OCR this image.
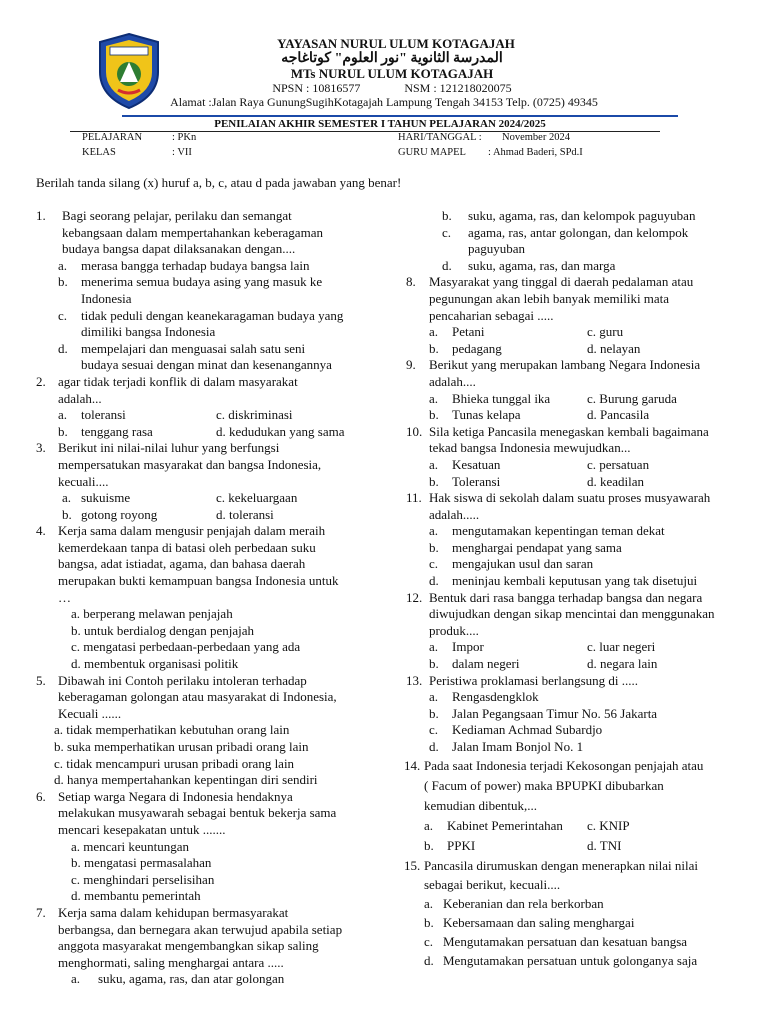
YAYASAN NURUL ULUM KOTAGAJAH
المدرسة الثانوية "نور العلوم" كوتاغاجه
MTs NURUL ULUM KOTAGAJAH
NPSN : 10816577	NSM : 121218020075
Alamat :Jalan Raya GunungSugihKotagajah Lampung Tengah 34153 Telp. (0725) 49345
PENILAIAN AKHIR SEMESTER I TAHUN PELAJARAN 2024/2025
PELAJARAN	: PKn
KELAS	: VII
HARI/TANGGAL : November 2024
GURU MAPEL : Ahmad Baderi, SPd.I
Berilah tanda silang (x) huruf a, b, c, atau d pada jawaban yang benar!
1. Bagi seorang pelajar, perilaku dan semangat
kebangsaan dalam mempertahankan keberagaman
budaya bangsa dapat dilaksanakan dengan....
a. merasa bangga terhadap budaya bangsa lain
b. menerima semua budaya asing yang masuk ke
Indonesia
c. tidak peduli dengan keanekaragaman budaya yang
dimiliki bangsa Indonesia
d. mempelajari dan menguasai salah satu seni
budaya sesuai dengan minat dan kesenangannya
2. agar tidak terjadi konflik di dalam masyarakat
adalah...
a. toleransi	c. diskriminasi

b. tenggang rasa	d. kedudukan yang sama

3. Berikut ini nilai-nilai luhur yang berfungsi
mempersatukan masyarakat dan bangsa Indonesia,
kecuali....
a. sukuisme	c. kekeluargaan

b. gotong royong	d. toleransi

4. Kerja sama dalam mengusir penjajah dalam meraih
kemerdekaan tanpa di batasi oleh perbedaan suku
bangsa, adat istiadat, agama, dan bahasa daerah
merupakan bukti kemampuan bangsa Indonesia untuk
…
a. berperang melawan penjajah
b. untuk berdialog dengan penjajah
c. mengatasi perbedaan-perbedaan yang ada
d. membentuk organisasi politik
5. Dibawah ini Contoh perilaku intoleran terhadap
keberagaman golongan atau masyarakat di Indonesia,
Kecuali ......
a. tidak memperhatikan kebutuhan orang lain
b. suka memperhatikan urusan pribadi orang lain
c. tidak mencampuri urusan pribadi orang lain
d. hanya mempertahankan kepentingan diri sendiri
6. Setiap warga Negara di Indonesia hendaknya
melakukan musyawarah sebagai bentuk bekerja sama
mencari kesepakatan untuk .......
a. mencari keuntungan
b. mengatasi permasalahan
c. menghindari perselisihan
d. membantu pemerintah
7. Kerja sama dalam kehidupan bermasyarakat
berbangsa, dan bernegara akan terwujud apabila setiap
anggota masyarakat mengembangkan sikap saling
menghormati, saling menghargai antara .....
a. suku, agama, ras, dan atar golongan
b. suku, agama, ras, dan kelompok paguyuban
c. agama, ras, antar golongan, dan kelompok
paguyuban
d. suku, agama, ras, dan marga
8. Masyarakat yang tinggal di daerah pedalaman atau
pegunungan akan lebih banyak memiliki mata
pencaharian sebagai .....
a. Petani	c. guru

b. pedagang	d. nelayan

9. Berikut yang merupakan lambang Negara Indonesia
adalah....
a. Bhieka tunggal ika	c. Burung garuda

b. Tunas kelapa	d. Pancasila

10. Sila ketiga Pancasila menegaskan kembali bagaimana
tekad bangsa Indonesia mewujudkan...
a. Kesatuan	c. persatuan

b. Toleransi	d. keadilan

11. Hak siswa di sekolah dalam suatu proses musyawarah
adalah.....
a. mengutamakan kepentingan teman dekat
b. menghargai pendapat yang sama
c. mengajukan usul dan saran
d. meninjau kembali keputusan yang tak disetujui
12. Bentuk dari rasa bangga terhadap bangsa dan negara
diwujudkan dengan sikap mencintai dan menggunakan
produk....
a. Impor	c. luar negeri

b. dalam negeri	d. negara lain

13. Peristiwa proklamasi berlangsung di .....
a. Rengasdengklok
b. Jalan Pegangsaan Timur No. 56 Jakarta
c. Kediaman Achmad Subardjo
d. Jalan Imam Bonjol No. 1
14. Pada saat Indonesia terjadi Kekosongan penjajah atau
( Facum of power) maka BPUPKI dibubarkan
kemudian dibentuk,...
a. Kabinet Pemerintahan c. KNIP

b. PPKI	d. TNI

15. Pancasila dirumuskan dengan menerapkan nilai nilai
sebagai berikut, kecuali....
a. Keberanian dan rela berkorban
b. Kebersamaan dan saling menghargai
c. Mengutamakan persatuan dan kesatuan bangsa
d. Mengutamakan persatuan untuk golonganya saja
